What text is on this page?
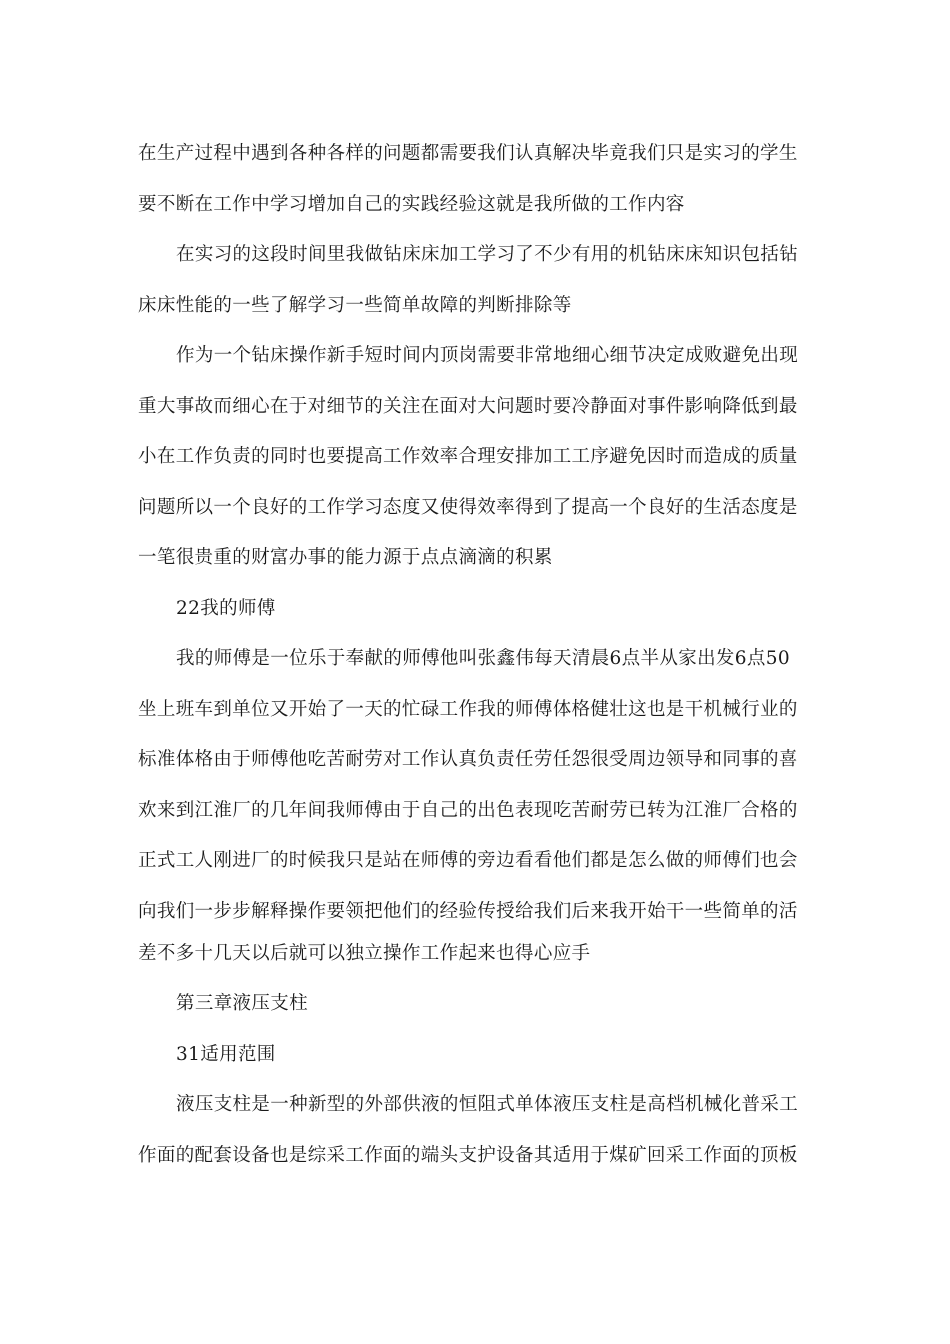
在生产过程中遇到各种各样的问题都需要我们认真解决毕竟我们只是实习的学生
要不断在工作中学习增加自己的实践经验这就是我所做的工作内容
在实习的这段时间里我做钻床床加工学习了不少有用的机钻床床知识包括钻
床床性能的一些了解学习一些简单故障的判断排除等
作为一个钻床操作新手短时间内顶岗需要非常地细心细节决定成败避免出现
重大事故而细心在于对细节的关注在面对大问题时要冷静面对事件影响降低到最
小在工作负责的同时也要提高工作效率合理安排加工工序避免因时而造成的质量
问题所以一个良好的工作学习态度又使得效率得到了提高一个良好的生活态度是
一笔很贵重的财富办事的能力源于点点滴滴的积累
22我的师傅
我的师傅是一位乐于奉献的师傅他叫张鑫伟每天清晨6点半从家出发6点50
坐上班车到单位又开始了一天的忙碌工作我的师傅体格健壮这也是干机械行业的
标准体格由于师傅他吃苦耐劳对工作认真负责任劳任怨很受周边领导和同事的喜
欢来到江淮厂的几年间我师傅由于自己的出色表现吃苦耐劳已转为江淮厂合格的
正式工人刚进厂的时候我只是站在师傅的旁边看看他们都是怎么做的师傅们也会
向我们一步步解释操作要领把他们的经验传授给我们后来我开始干一些简单的活
差不多十几天以后就可以独立操作工作起来也得心应手
第三章液压支柱
31适用范围
液压支柱是一种新型的外部供液的恒阻式单体液压支柱是高档机械化普采工
作面的配套设备也是综采工作面的端头支护设备其适用于煤矿回采工作面的顶板
